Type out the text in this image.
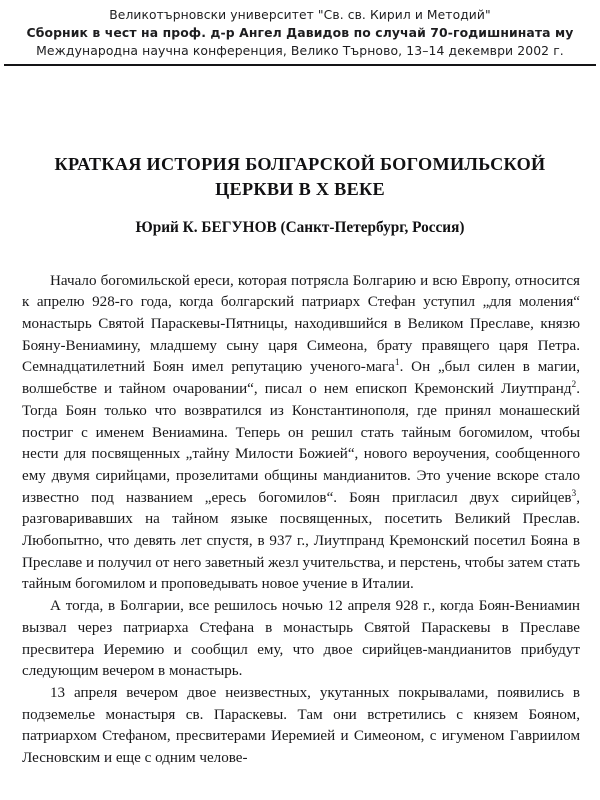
Великотърновски университет "Св. св. Кирил и Методий"
Сборник в чест на проф. д-р Ангел Давидов по случай 70-годишнината му
Международна научна конференция, Велико Търново, 13–14 декември 2002 г.
КРАТКАЯ ИСТОРИЯ БОЛГАРСКОЙ БОГОМИЛЬСКОЙ ЦЕРКВИ В X ВЕКЕ
Юрий К. БЕГУНОВ (Санкт-Петербург, Россия)

Начало богомильской ереси, которая потрясла Болгарию и всю Европу, относится к апрелю 928-го года, когда болгарский патриарх Стефан уступил „для моления“ монастырь Святой Параскевы-Пятницы, находившийся в Великом Преславе, князю Бояну-Вениамину, младшему сыну царя Симеона, брату правящего царя Петра. Семнадцатилетний Боян имел репутацию ученого-мага$^1$. Он „был силен в магии, волшебстве и тайном очаровании“, писал о нем епископ Кремонский Лиутпранд$^2$. Тогда Боян только что возвратился из Константинополя, где принял монашеский постриг с именем Вениамина. Теперь он решил стать тайным богомилом, чтобы нести для посвященных „тайну Милости Божией“, нового вероучения, сообщенного ему двумя сирийцами, прозелитами общины мандианитов. Это учение вскоре стало известно под названием „ересь богомилов“. Боян пригласил двух сирийцев$^3$, разговаривавших на тайном языке посвященных, посетить Великий Преслав. Любопытно, что девять лет спустя, в 937 г., Лиутпранд Кремонский посетил Бояна в Преславе и получил от него заветный жезл учительства, и перстень, чтобы затем стать тайным богомилом и проповедывать новое учение в Италии.

А тогда, в Болгарии, все решилось ночью 12 апреля 928 г., когда Боян-Вениамин вызвал через патриарха Стефана в монастырь Святой Параскевы в Преславе пресвитера Иеремию и сообщил ему, что двое сирийцев-мандианитов прибудут следующим вечером в монастырь.

13 апреля вечером двое неизвестных, укутанных покрывалами, появились в подземелье монастыря св. Параскевы. Там они встретились с князем Бояном, патриархом Стефаном, пресвитерами Иеремией и Симеоном, с игуменом Гавриилом Лесновским и еще с одним челове-
